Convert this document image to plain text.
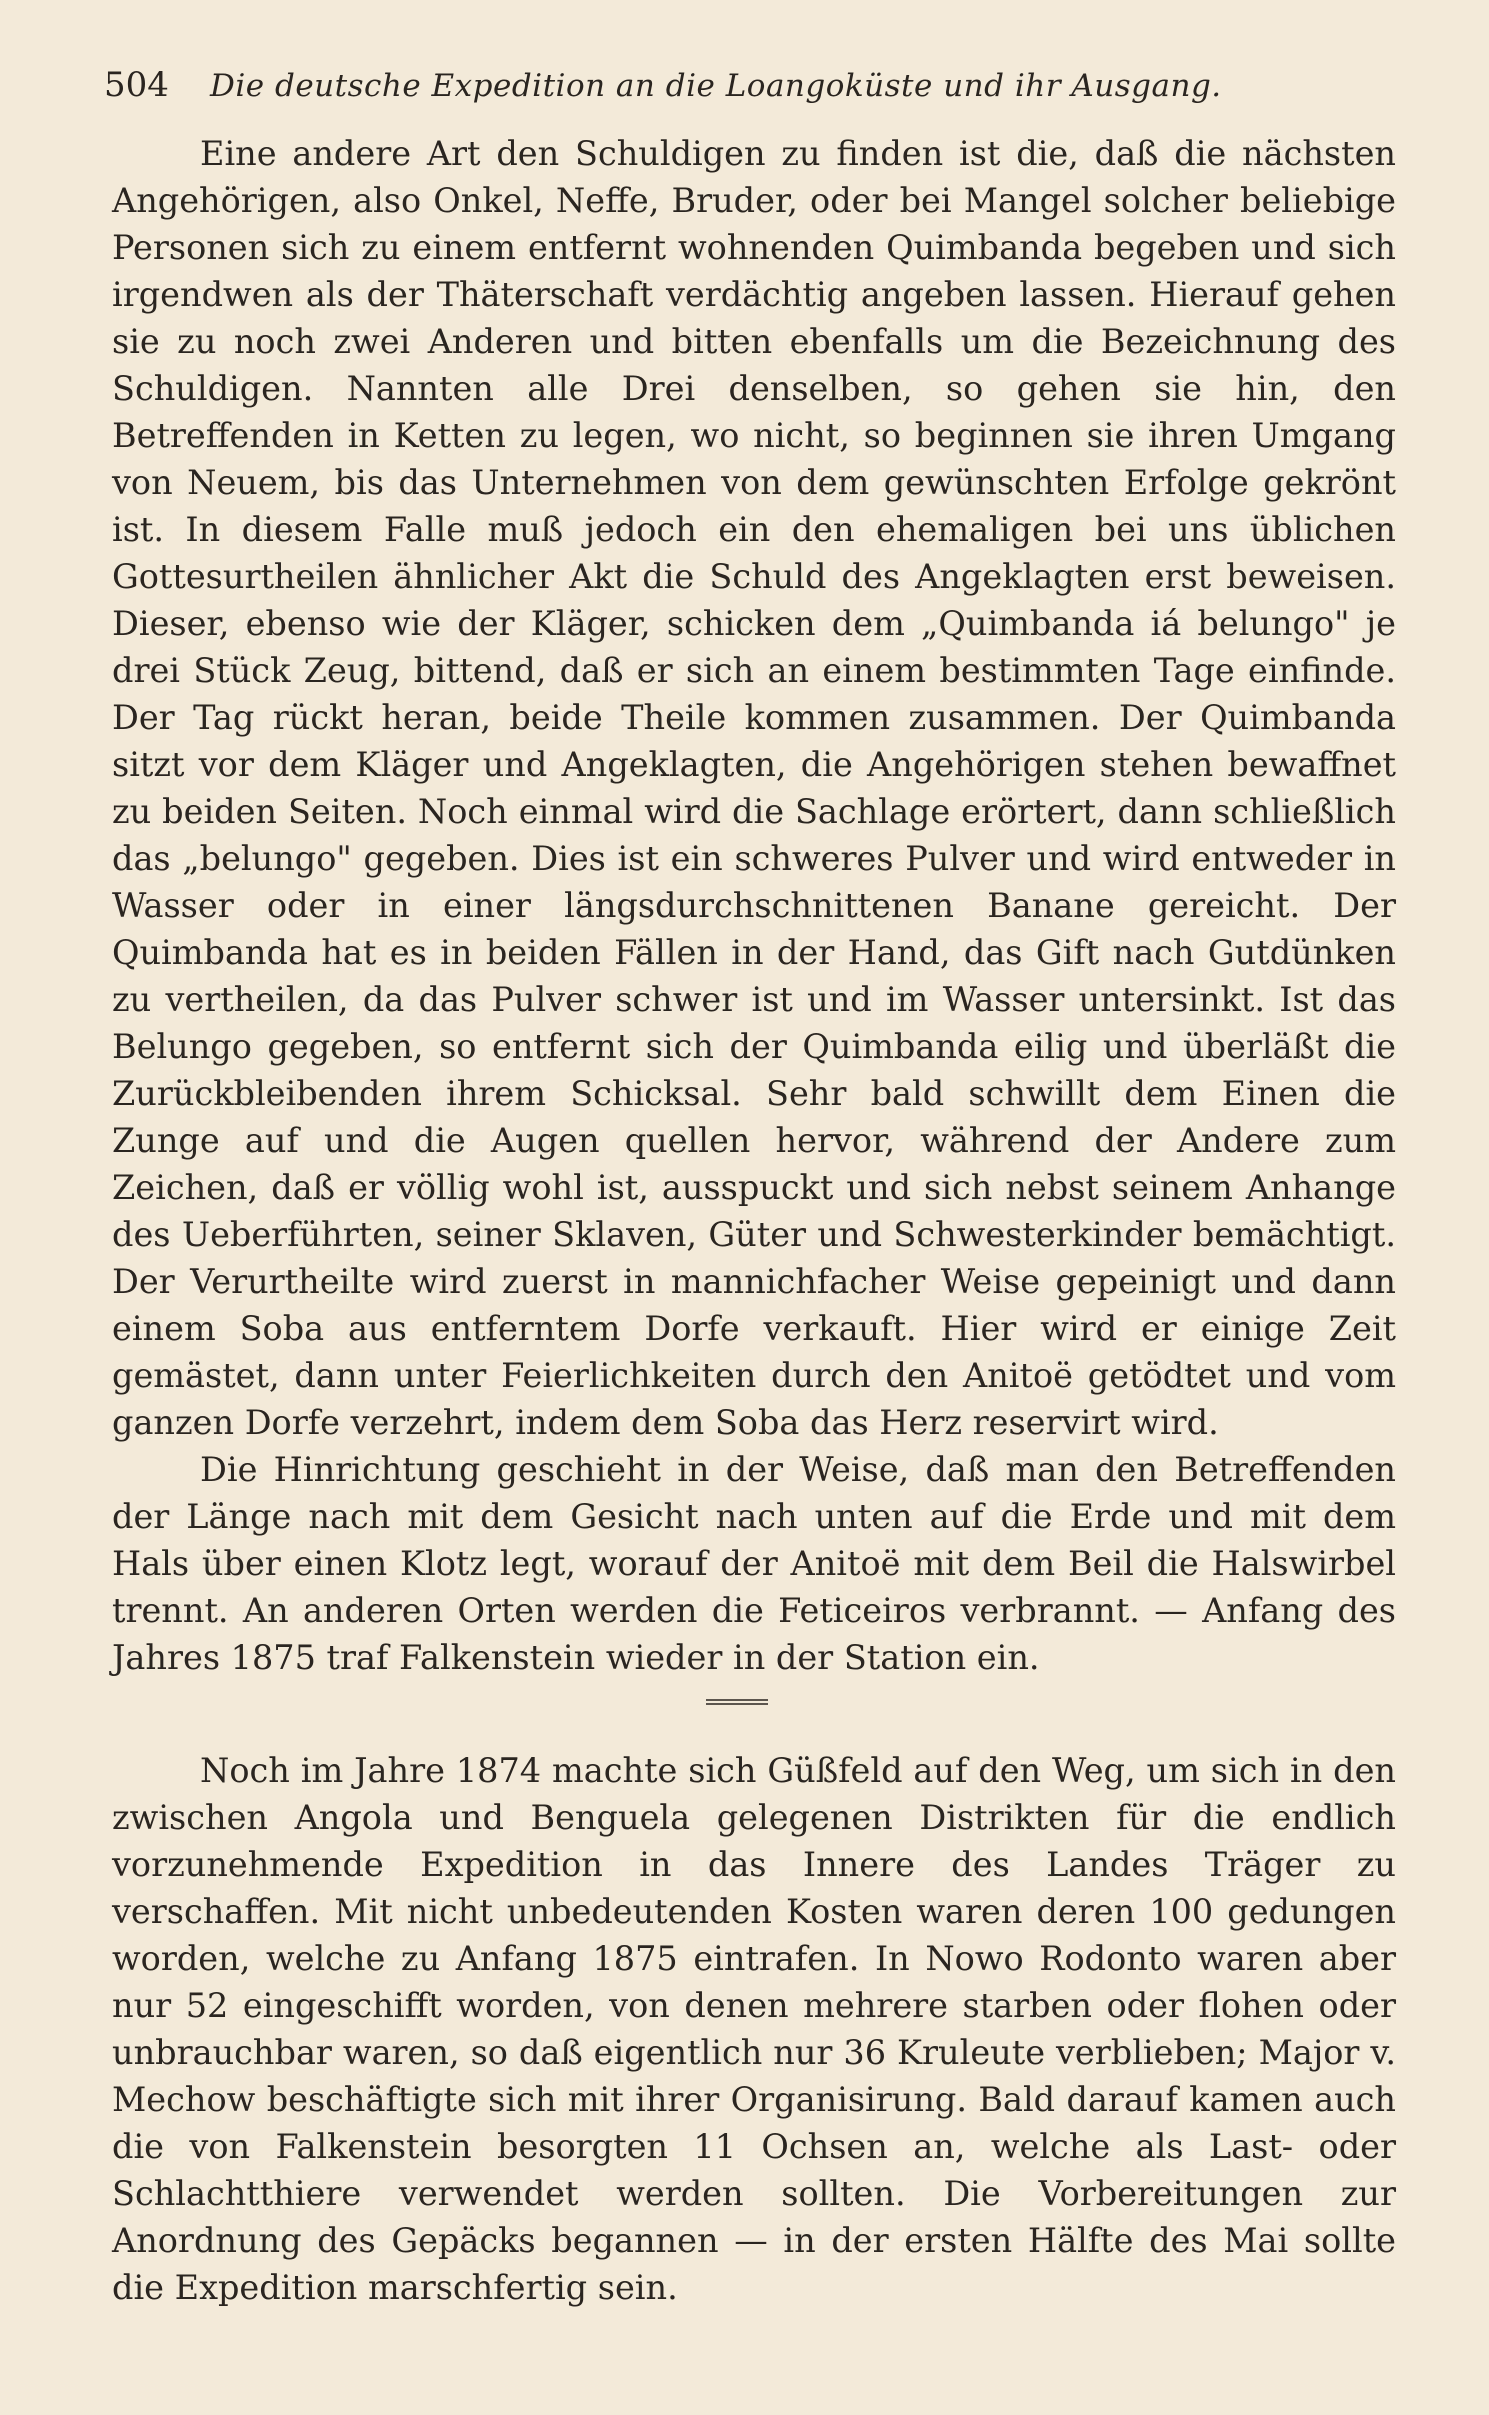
504 Die deutsche Expedition an die Loangoküste und ihr Ausgang.

Eine andere Art den Schuldigen zu finden ist die, daß die nächsten Angehörigen, also Onkel, Neffe, Bruder, oder bei Mangel solcher beliebige Personen sich zu einem entfernt wohnenden Quimbanda begeben und sich irgendwen als der Thäterschaft verdächtig angeben lassen. Hierauf gehen sie zu noch zwei Anderen und bitten ebenfalls um die Bezeichnung des Schuldigen. Nannten alle Drei denselben, so gehen sie hin, den Betreffenden in Ketten zu legen, wo nicht, so beginnen sie ihren Umgang von Neuem, bis das Unternehmen von dem gewünschten Erfolge gekrönt ist. In diesem Falle muß jedoch ein den ehemaligen bei uns üblichen Gottesurtheilen ähnlicher Akt die Schuld des Angeklagten erst beweisen. Dieser, ebenso wie der Kläger, schicken dem „Quimbanda iá belungo" je drei Stück Zeug, bittend, daß er sich an einem bestimmten Tage einfinde. Der Tag rückt heran, beide Theile kommen zusammen. Der Quimbanda sitzt vor dem Kläger und Angeklagten, die Angehörigen stehen bewaffnet zu beiden Seiten. Noch einmal wird die Sachlage erörtert, dann schließlich das „belungo" gegeben. Dies ist ein schweres Pulver und wird entweder in Wasser oder in einer längsdurchschnittenen Banane gereicht. Der Quimbanda hat es in beiden Fällen in der Hand, das Gift nach Gutdünken zu vertheilen, da das Pulver schwer ist und im Wasser untersinkt. Ist das Belungo gegeben, so entfernt sich der Quimbanda eilig und überläßt die Zurückbleibenden ihrem Schicksal. Sehr bald schwillt dem Einen die Zunge auf und die Augen quellen hervor, während der Andere zum Zeichen, daß er völlig wohl ist, ausspuckt und sich nebst seinem Anhange des Ueberführten, seiner Sklaven, Güter und Schwesterkinder bemächtigt. Der Verurtheilte wird zuerst in mannichfacher Weise gepeinigt und dann einem Soba aus entferntem Dorfe verkauft. Hier wird er einige Zeit gemästet, dann unter Feierlichkeiten durch den Anitoë getödtet und vom ganzen Dorfe verzehrt, indem dem Soba das Herz reservirt wird.

Die Hinrichtung geschieht in der Weise, daß man den Betreffenden der Länge nach mit dem Gesicht nach unten auf die Erde und mit dem Hals über einen Klotz legt, worauf der Anitoë mit dem Beil die Halswirbel trennt. An anderen Orten werden die Feticeiros verbrannt. — Anfang des Jahres 1875 traf Falkenstein wieder in der Station ein.

Noch im Jahre 1874 machte sich Güßfeld auf den Weg, um sich in den zwischen Angola und Benguela gelegenen Distrikten für die endlich vorzunehmende Expedition in das Innere des Landes Träger zu verschaffen. Mit nicht unbedeutenden Kosten waren deren 100 gedungen worden, welche zu Anfang 1875 eintrafen. In Nowo Rodonto waren aber nur 52 eingeschifft worden, von denen mehrere starben oder flohen oder unbrauchbar waren, so daß eigentlich nur 36 Kruleute verblieben; Major v. Mechow beschäftigte sich mit ihrer Organisirung. Bald darauf kamen auch die von Falkenstein besorgten 11 Ochsen an, welche als Last- oder Schlachtthiere verwendet werden sollten. Die Vorbereitungen zur Anordnung des Gepäcks begannen — in der ersten Hälfte des Mai sollte die Expedition marschfertig sein.
